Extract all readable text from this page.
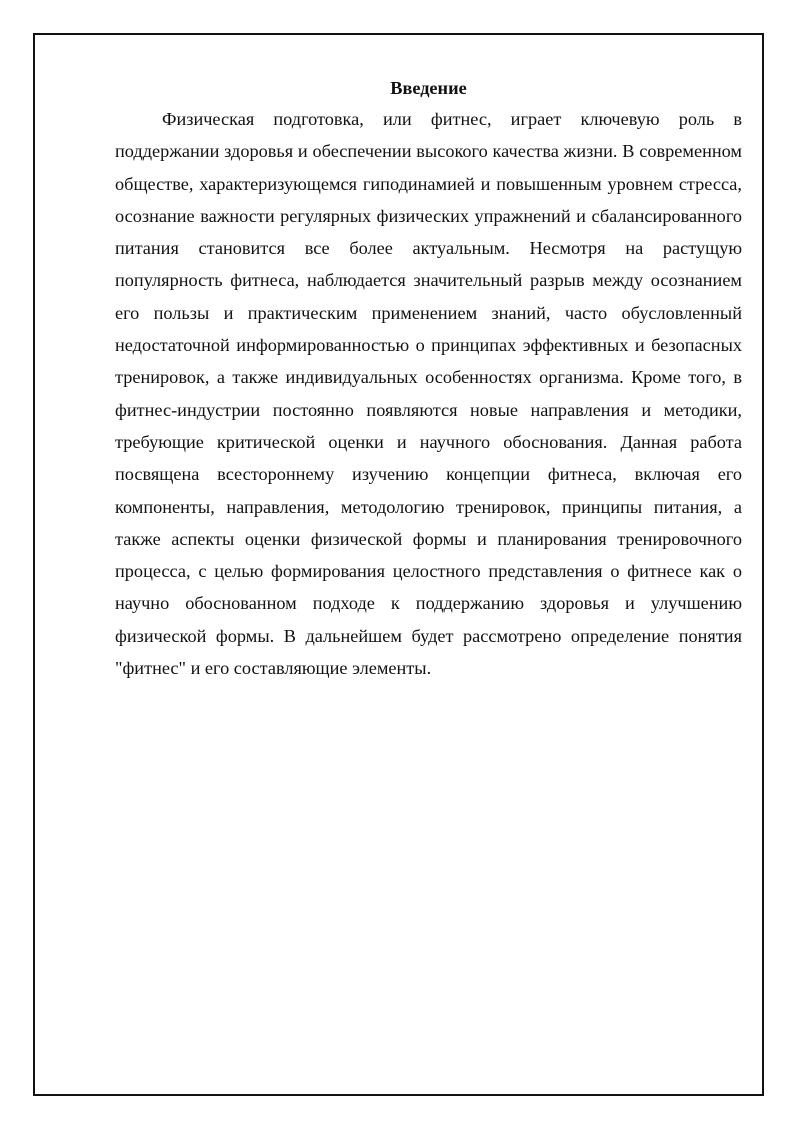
Введение

Физическая подготовка, или фитнес, играет ключевую роль в поддержании здоровья и обеспечении высокого качества жизни. В современном обществе, характеризующемся гиподинамией и повышенным уровнем стресса, осознание важности регулярных физических упражнений и сбалансированного питания становится все более актуальным. Несмотря на растущую популярность фитнеса, наблюдается значительный разрыв между осознанием его пользы и практическим применением знаний, часто обусловленный недостаточной информированностью о принципах эффективных и безопасных тренировок, а также индивидуальных особенностях организма. Кроме того, в фитнес-индустрии постоянно появляются новые направления и методики, требующие критической оценки и научного обоснования. Данная работа посвящена всестороннему изучению концепции фитнеса, включая его компоненты, направления, методологию тренировок, принципы питания, а также аспекты оценки физической формы и планирования тренировочного процесса, с целью формирования целостного представления о фитнесе как о научно обоснованном подходе к поддержанию здоровья и улучшению физической формы. В дальнейшем будет рассмотрено определение понятия "фитнес" и его составляющие элементы.
